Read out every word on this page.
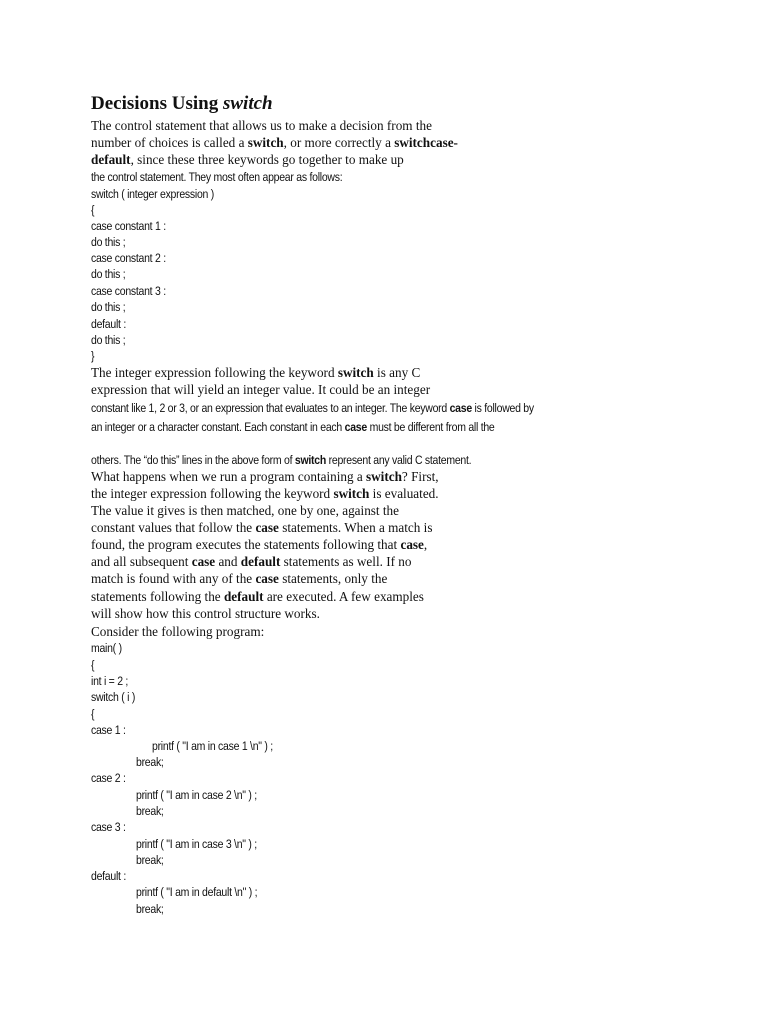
Decisions Using switch
The control statement that allows us to make a decision from the
number of choices is called a switch, or more correctly a switchcase-
default, since these three keywords go together to make up
the control statement. They most often appear as follows:
switch ( integer expression )
{
case constant 1 :
do this ;
case constant 2 :
do this ;
case constant 3 :
do this ;
default :
do this ;
}
The integer expression following the keyword switch is any C
expression that will yield an integer value. It could be an integer
constant like 1, 2 or 3, or an expression that evaluates to an integer. The keyword case is followed by
an integer or a character constant. Each constant in each case must be different from all the
others. The “do this” lines in the above form of switch represent any valid C statement.
What happens when we run a program containing a switch? First,
the integer expression following the keyword switch is evaluated.
The value it gives is then matched, one by one, against the
constant values that follow the case statements. When a match is
found, the program executes the statements following that case,
and all subsequent case and default statements as well. If no
match is found with any of the case statements, only the
statements following the default are executed. A few examples
will show how this control structure works.
Consider the following program:
main( )
{
int i = 2 ;
switch ( i )
{
case 1 :
printf ( "I am in case 1 \n" ) ;
break;
case 2 :
printf ( "I am in case 2 \n" ) ;
break;
case 3 :
printf ( "I am in case 3 \n" ) ;
break;
default :
printf ( "I am in default \n" ) ;
break;
